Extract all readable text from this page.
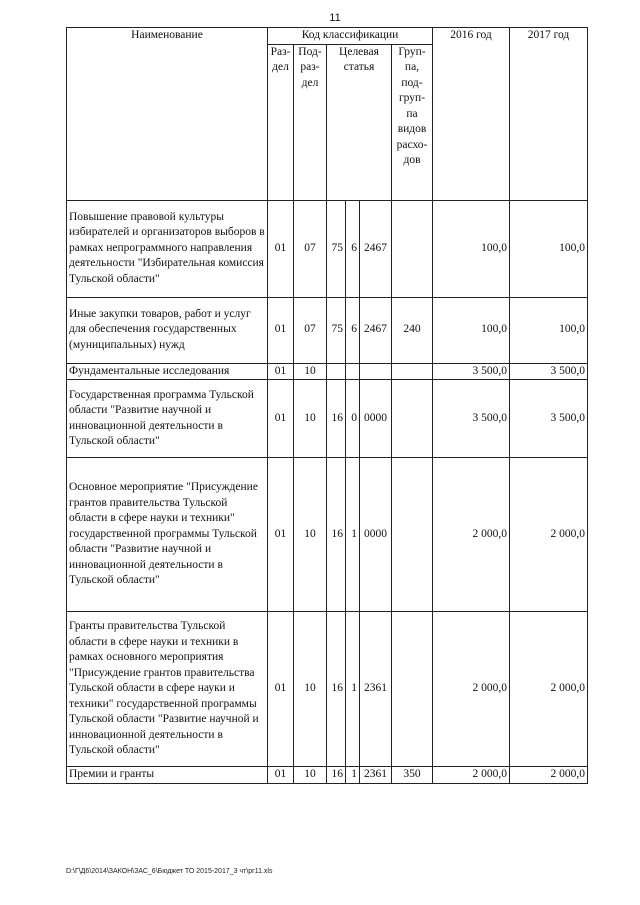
11
Наименование	Код классификации						2016 год	2017 год
	Раз-дел	Под-раз-дел	Целевая статья			Груп-па, под-груп-па видов расхо-дов		
Повышение правовой культуры избирателей и организаторов выборов в рамках непрограммного направления деятельности "Избирательная комиссия Тульской области"	01	07	75	6	2467		100,0	100,0
Иные закупки товаров, работ и услуг для обеспечения государственных (муниципальных) нужд	01	07	75	6	2467	240	100,0	100,0
Фундаментальные исследования	01	10					3 500,0	3 500,0
Государственная программа Тульской области "Развитие научной и инновационной деятельности в Тульской области"	01	10	16	0	0000		3 500,0	3 500,0
Основное мероприятие "Присуждение грантов правительства Тульской области в сфере науки и техники" государственной программы Тульской области "Развитие научной и инновационной деятельности в Тульской области"	01	10	16	1	0000		2 000,0	2 000,0
Гранты правительства Тульской области в сфере науки и техники в рамках основного мероприятия "Присуждение грантов правительства Тульской области в сфере науки и техники" государственной программы Тульской области "Развитие научной и инновационной деятельности в Тульской области"	01	10	16	1	2361		2 000,0	2 000,0
Премии и гранты	01	10	16	1	2361	350	2 000,0	2 000,0
D:\Г\Д6\2014\ЗАКОН\ЗАС_6\Бюджет ТО 2015-2017_3 чт\рг11.xls
